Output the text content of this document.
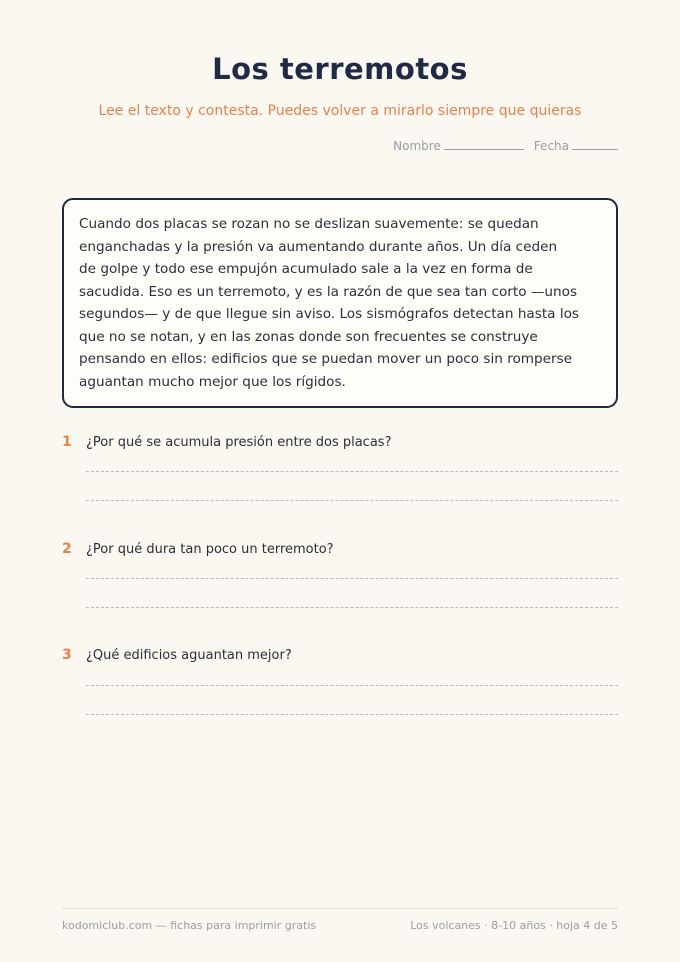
Los terremotos
Lee el texto y contesta. Puedes volver a mirarlo siempre que quieras
Nombre	Fecha
Cuando dos placas se rozan no se deslizan suavemente: se quedan
enganchadas y la presión va aumentando durante años. Un día ceden
de golpe y todo ese empujón acumulado sale a la vez en forma de
sacudida. Eso es un terremoto, y es la razón de que sea tan corto —unos
segundos— y de que llegue sin aviso. Los sismógrafos detectan hasta los
que no se notan, y en las zonas donde son frecuentes se construye
pensando en ellos: edificios que se puedan mover un poco sin romperse
aguantan mucho mejor que los rígidos.
1	¿Por qué se acumula presión entre dos placas?
2	¿Por qué dura tan poco un terremoto?
3	¿Qué edificios aguantan mejor?
kodomiclub.com — fichas para imprimir gratis	Los volcanes · 8-10 años · hoja 4 de 5
